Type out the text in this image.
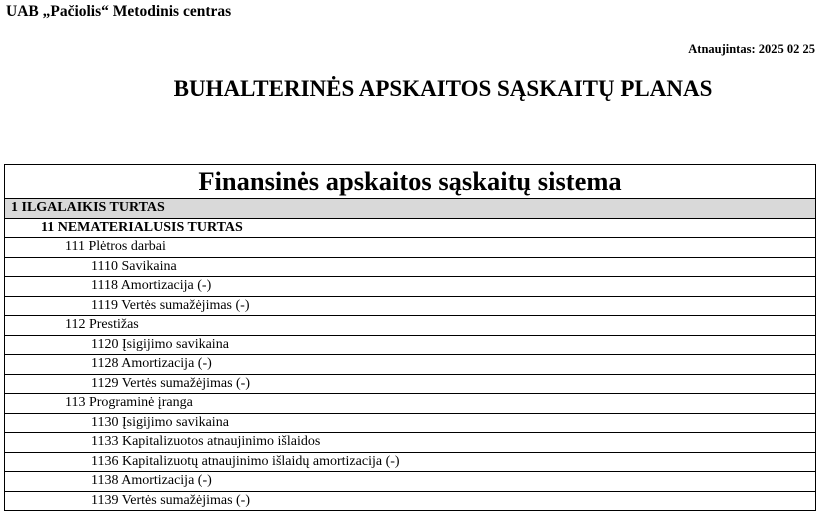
UAB „Pačiolis“ Metodinis centras
Atnaujintas: 2025 02 25
BUHALTERINĖS APSKAITOS SĄSKAITŲ PLANAS
Finansinės apskaitos sąskaitų sistema
1 ILGALAIKIS TURTAS
11 NEMATERIALUSIS TURTAS
111 Plėtros darbai
1110 Savikaina
1118 Amortizacija (-)
1119 Vertės sumažėjimas (-)
112 Prestižas
1120 Įsigijimo savikaina
1128 Amortizacija (-)
1129 Vertės sumažėjimas (-)
113 Programinė įranga
1130 Įsigijimo savikaina
1133 Kapitalizuotos atnaujinimo išlaidos
1136 Kapitalizuotų atnaujinimo išlaidų amortizacija (-)
1138 Amortizacija (-)
1139 Vertės sumažėjimas (-)
